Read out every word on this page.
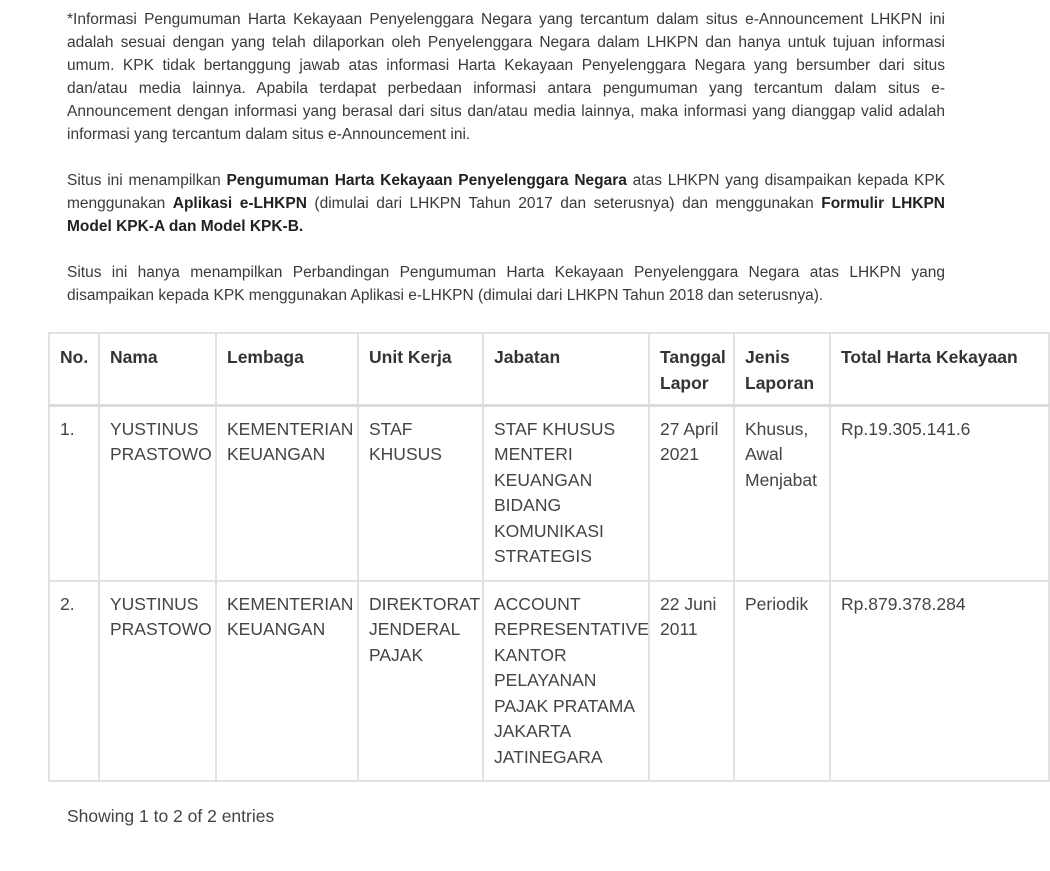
*Informasi Pengumuman Harta Kekayaan Penyelenggara Negara yang tercantum dalam situs e-Announcement LHKPN ini adalah sesuai dengan yang telah dilaporkan oleh Penyelenggara Negara dalam LHKPN dan hanya untuk tujuan informasi umum. KPK tidak bertanggung jawab atas informasi Harta Kekayaan Penyelenggara Negara yang bersumber dari situs dan/atau media lainnya. Apabila terdapat perbedaan informasi antara pengumuman yang tercantum dalam situs e-Announcement dengan informasi yang berasal dari situs dan/atau media lainnya, maka informasi yang dianggap valid adalah informasi yang tercantum dalam situs e-Announcement ini.

Situs ini menampilkan Pengumuman Harta Kekayaan Penyelenggara Negara atas LHKPN yang disampaikan kepada KPK menggunakan Aplikasi e-LHKPN (dimulai dari LHKPN Tahun 2017 dan seterusnya) dan menggunakan Formulir LHKPN Model KPK-A dan Model KPK-B.

Situs ini hanya menampilkan Perbandingan Pengumuman Harta Kekayaan Penyelenggara Negara atas LHKPN yang disampaikan kepada KPK menggunakan Aplikasi e-LHKPN (dimulai dari LHKPN Tahun 2018 dan seterusnya).

No.	Nama	Lembaga	Unit Kerja	Jabatan	Tanggal Lapor	Jenis Laporan	Total Harta Kekayaan
1.	YUSTINUS PRASTOWO	KEMENTERIAN KEUANGAN	STAF KHUSUS	STAF KHUSUS MENTERI KEUANGAN BIDANG KOMUNIKASI STRATEGIS	27 April 2021	Khusus, Awal Menjabat	Rp.19.305.141.6
2.	YUSTINUS PRASTOWO	KEMENTERIAN KEUANGAN	DIREKTORAT JENDERAL PAJAK	ACCOUNT REPRESENTATIVE KANTOR PELAYANAN PAJAK PRATAMA JAKARTA JATINEGARA	22 Juni 2011	Periodik	Rp.879.378.284
Showing 1 to 2 of 2 entries
